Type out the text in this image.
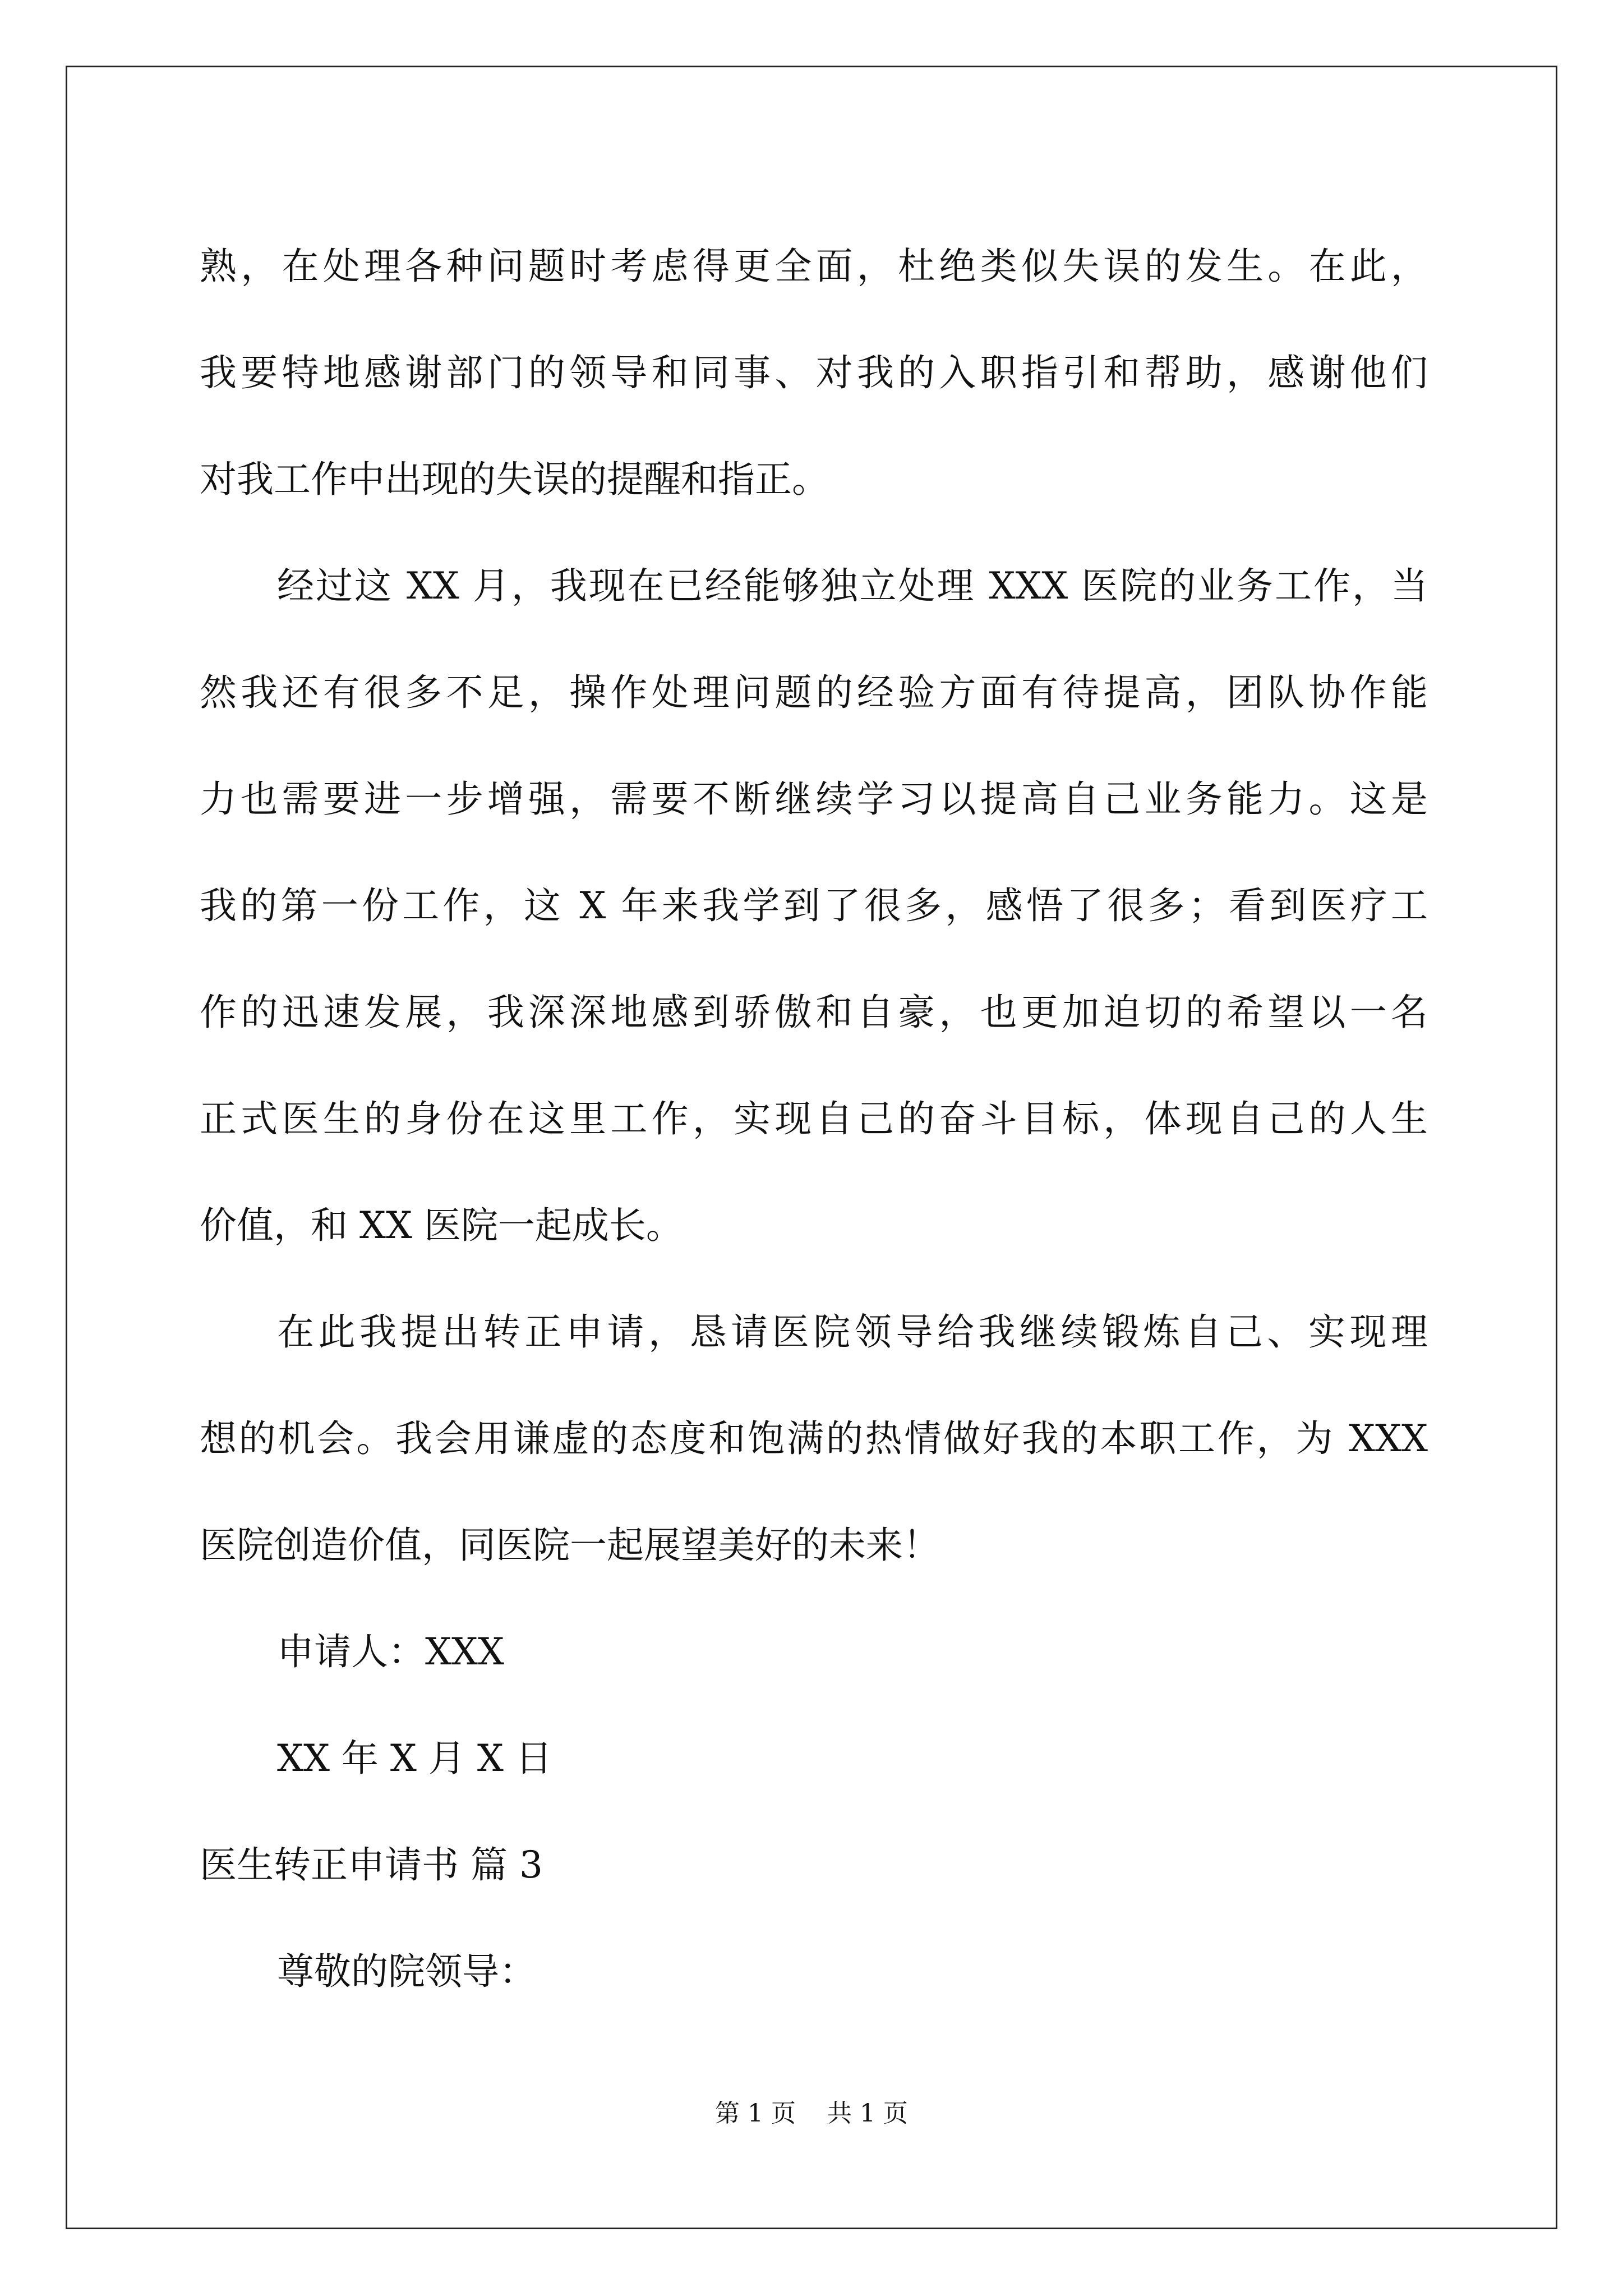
熟，在处理各种问题时考虑得更全面，杜绝类似失误的发生。在此，
我要特地感谢部门的领导和同事、对我的入职指引和帮助，感谢他们
对我工作中出现的失误的提醒和指正。
经过这 XX 月，我现在已经能够独立处理 XXX 医院的业务工作，当
然我还有很多不足，操作处理问题的经验方面有待提高，团队协作能
力也需要进一步增强，需要不断继续学习以提高自己业务能力。这是
我的第一份工作，这 X 年来我学到了很多，感悟了很多；看到医疗工
作的迅速发展，我深深地感到骄傲和自豪，也更加迫切的希望以一名
正式医生的身份在这里工作，实现自己的奋斗目标，体现自己的人生
价值，和 XX 医院一起成长。
在此我提出转正申请，恳请医院领导给我继续锻炼自己、实现理
想的机会。我会用谦虚的态度和饱满的热情做好我的本职工作，为 XXX
医院创造价值，同医院一起展望美好的未来！
申请人：XXX
XX 年 X 月 X 日
医生转正申请书 篇 3
尊敬的院领导：
第 1 页    共 1 页
